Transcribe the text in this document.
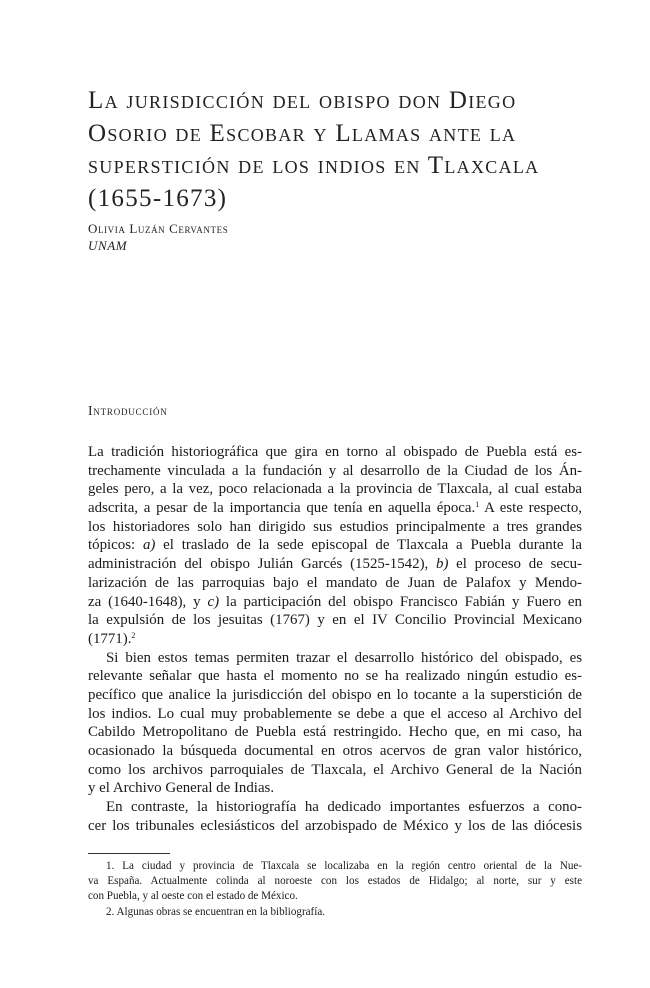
La jurisdicción del obispo don Diego
Osorio de Escobar y Llamas ante la
superstición de los indios en Tlaxcala
(1655-1673)

Olivia Luzán Cervantes

UNAM

Introducción
La tradición historiográfica que gira en torno al obispado de Puebla está es-
trechamente vinculada a la fundación y al desarrollo de la Ciudad de los Án-
geles pero, a la vez, poco relacionada a la provincia de Tlaxcala, al cual estaba
adscrita, a pesar de la importancia que tenía en aquella época.$^1$ A este respecto,
los historiadores solo han dirigido sus estudios principalmente a tres grandes
tópicos: a) el traslado de la sede episcopal de Tlaxcala a Puebla durante la
administración del obispo Julián Garcés (1525-1542), b) el proceso de secu-
larización de las parroquias bajo el mandato de Juan de Palafox y Mendo-
za (1640-1648), y c) la participación del obispo Francisco Fabián y Fuero en
la expulsión de los jesuitas (1767) y en el IV Concilio Provincial Mexicano
(1771).$^2$
Si bien estos temas permiten trazar el desarrollo histórico del obispado, es
relevante señalar que hasta el momento no se ha realizado ningún estudio es-
pecífico que analice la jurisdicción del obispo en lo tocante a la superstición de
los indios. Lo cual muy probablemente se debe a que el acceso al Archivo del
Cabildo Metropolitano de Puebla está restringido. Hecho que, en mi caso, ha
ocasionado la búsqueda documental en otros acervos de gran valor histórico,
como los archivos parroquiales de Tlaxcala, el Archivo General de la Nación
y el Archivo General de Indias.
En contraste, la historiografía ha dedicado importantes esfuerzos a cono-
cer los tribunales eclesiásticos del arzobispado de México y los de las diócesis
1. La ciudad y provincia de Tlaxcala se localizaba en la región centro oriental de la Nue-
va España. Actualmente colinda al noroeste con los estados de Hidalgo; al norte, sur y este
con Puebla, y al oeste con el estado de México.
2. Algunas obras se encuentran en la bibliografía.
